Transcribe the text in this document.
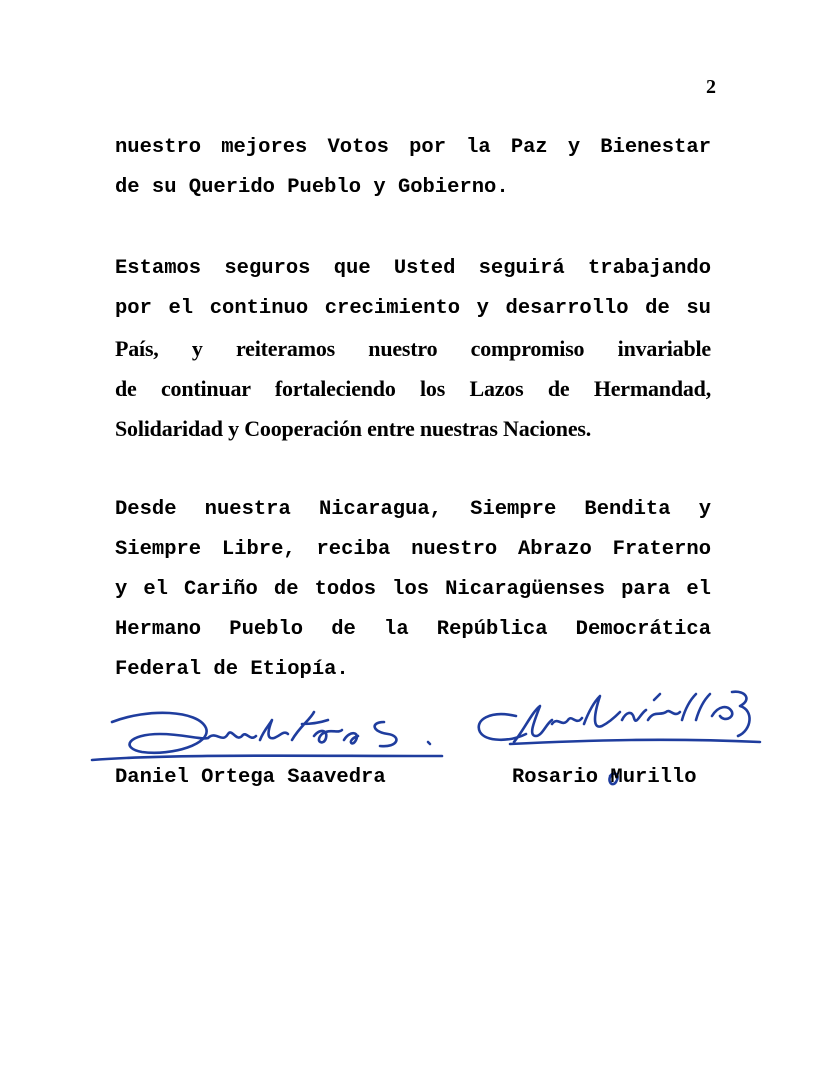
2
nuestro mejores Votos por la Paz y Bienestar
de su Querido Pueblo y Gobierno.
Estamos seguros que Usted seguirá trabajando
por el continuo crecimiento y desarrollo de su
País, y reiteramos nuestro compromiso invariable
de continuar fortaleciendo los Lazos de Hermandad,
Solidaridad y Cooperación entre nuestras Naciones.
Desde nuestra Nicaragua, Siempre Bendita y
Siempre Libre, reciba nuestro Abrazo Fraterno
y el Cariño de todos los Nicaragüenses para el
Hermano Pueblo de la República Democrática
Federal de Etiopía.
Daniel Ortega Saavedra	Rosario Murillo
